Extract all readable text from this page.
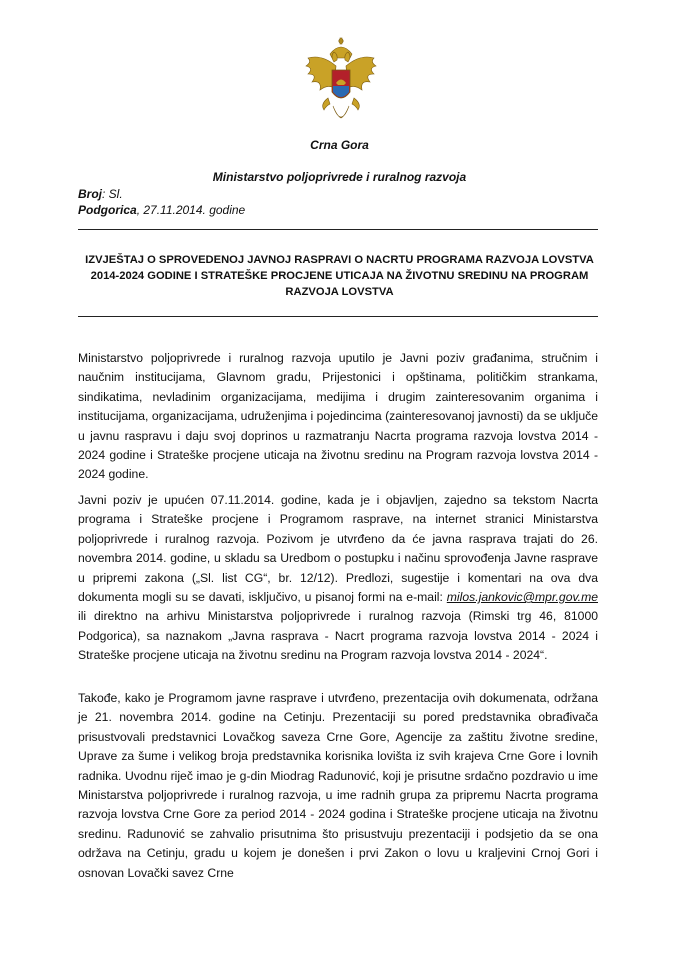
Crna Gora
Ministarstvo poljoprivrede i ruralnog razvoja
Broj: Sl.
Podgorica, 27.11.2014. godine
IZVJEŠTAJ O SPROVEDENOJ JAVNOJ RASPRAVI O NACRTU PROGRAMA RAZVOJA LOVSTVA 2014-2024 GODINE I STRATEŠKE PROCJENE UTICAJA NA ŽIVOTNU SREDINU NA PROGRAM RAZVOJA LOVSTVA

Ministarstvo poljoprivrede i ruralnog razvoja uputilo je Javni poziv građanima, stručnim i naučnim institucijama, Glavnom gradu, Prijestonici i opštinama, političkim strankama, sindikatima, nevladinim organizacijama, medijima i drugim zainteresovanim organima i institucijama, organizacijama, udruženjima i pojedincima (zainteresovanoj javnosti) da se uključe u javnu raspravu i daju svoj doprinos u razmatranju Nacrta programa razvoja lovstva 2014 - 2024 godine i Strateške procjene uticaja na životnu sredinu na Program razvoja lovstva 2014 - 2024 godine.

Javni poziv je upućen 07.11.2014. godine, kada je i objavljen, zajedno sa tekstom Nacrta programa i Strateške procjene i Programom rasprave, na internet stranici Ministarstva poljoprivrede i ruralnog razvoja. Pozivom je utvrđeno da će javna rasprava trajati do 26. novembra 2014. godine, u skladu sa Uredbom o postupku i načinu sprovođenja Javne rasprave u pripremi zakona („Sl. list CG“, br. 12/12). Predlozi, sugestije i komentari na ova dva dokumenta mogli su se davati, isključivo, u pisanoj formi na e-mail: milos.jankovic@mpr.gov.me ili direktno na arhivu Ministarstva poljoprivrede i ruralnog razvoja (Rimski trg 46, 81000 Podgorica), sa naznakom „Javna rasprava - Nacrt programa razvoja lovstva 2014 - 2024 i Strateške procjene uticaja na životnu sredinu na Program razvoja lovstva 2014 - 2024“.

Takođe, kako je Programom javne rasprave i utvrđeno, prezentacija ovih dokumenata, održana je 21. novembra 2014. godine na Cetinju. Prezentaciji su pored predstavnika obrađivača prisustvovali predstavnici Lovačkog saveza Crne Gore, Agencije za zaštitu životne sredine, Uprave za šume i velikog broja predstavnika korisnika lovišta iz svih krajeva Crne Gore i lovnih radnika. Uvodnu riječ imao je g-din Miodrag Radunović, koji je prisutne srdačno pozdravio u ime Ministarstva poljoprivrede i ruralnog razvoja, u ime radnih grupa za pripremu Nacrta programa razvoja lovstva Crne Gore za period 2014 - 2024 godina i Strateške procjene uticaja na životnu sredinu. Radunović se zahvalio prisutnima što prisustvuju prezentaciji i podsjetio da se ona održava na Cetinju, gradu u kojem je donešen i prvi Zakon o lovu u kraljevini Crnoj Gori i osnovan Lovački savez Crne
